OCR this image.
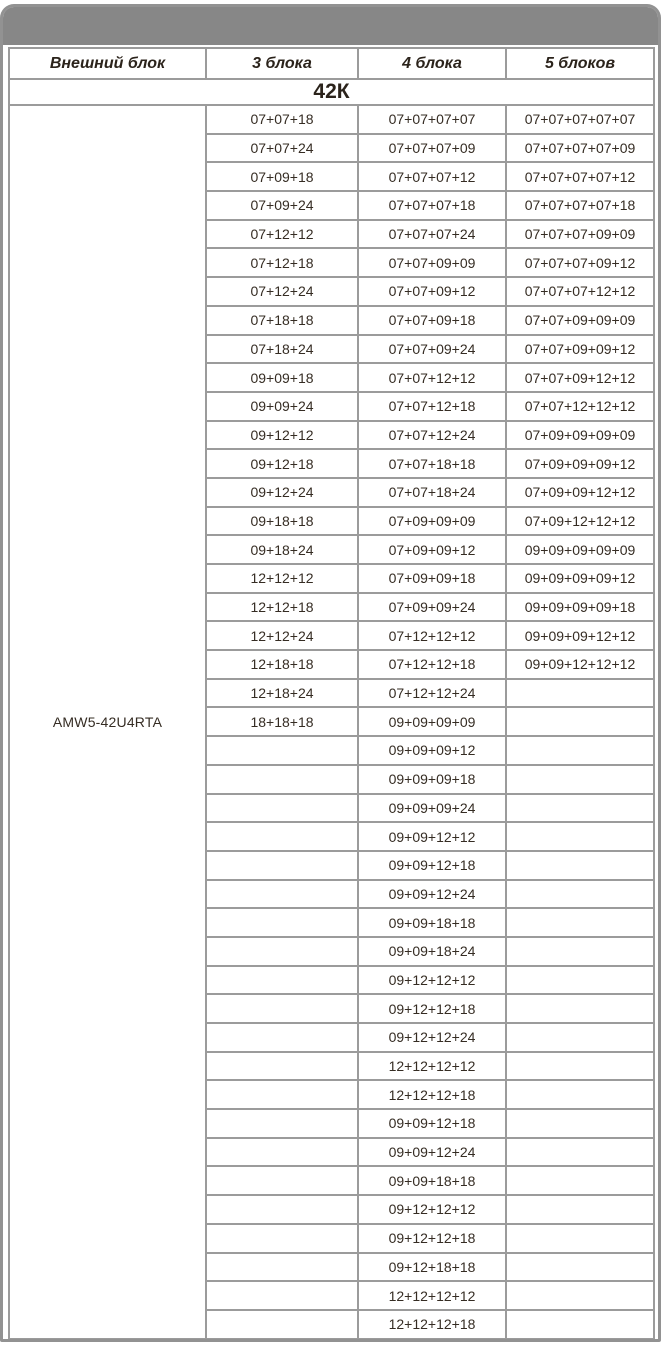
Внешний блок	3 блока	4 блока	5 блоков
42К			
AMW5-42U4RTA	07+07+18	07+07+07+07	07+07+07+07+07
	07+07+24	07+07+07+09	07+07+07+07+09
	07+09+18	07+07+07+12	07+07+07+07+12
	07+09+24	07+07+07+18	07+07+07+07+18
	07+12+12	07+07+07+24	07+07+07+09+09
	07+12+18	07+07+09+09	07+07+07+09+12
	07+12+24	07+07+09+12	07+07+07+12+12
	07+18+18	07+07+09+18	07+07+09+09+09
	07+18+24	07+07+09+24	07+07+09+09+12
	09+09+18	07+07+12+12	07+07+09+12+12
	09+09+24	07+07+12+18	07+07+12+12+12
	09+12+12	07+07+12+24	07+09+09+09+09
	09+12+18	07+07+18+18	07+09+09+09+12
	09+12+24	07+07+18+24	07+09+09+12+12
	09+18+18	07+09+09+09	07+09+12+12+12
	09+18+24	07+09+09+12	09+09+09+09+09
	12+12+12	07+09+09+18	09+09+09+09+12
	12+12+18	07+09+09+24	09+09+09+09+18
	12+12+24	07+12+12+12	09+09+09+12+12
	12+18+18	07+12+12+18	09+09+12+12+12
	12+18+24	07+12+12+24	
	18+18+18	09+09+09+09	
		09+09+09+12	
		09+09+09+18	
		09+09+09+24	
		09+09+12+12	
		09+09+12+18	
		09+09+12+24	
		09+09+18+18	
		09+09+18+24	
		09+12+12+12	
		09+12+12+18	
		09+12+12+24	
		12+12+12+12	
		12+12+12+18	
		09+09+12+18	
		09+09+12+24	
		09+09+18+18	
		09+12+12+12	
		09+12+12+18	
		09+12+18+18	
		12+12+12+12	
		12+12+12+18	
